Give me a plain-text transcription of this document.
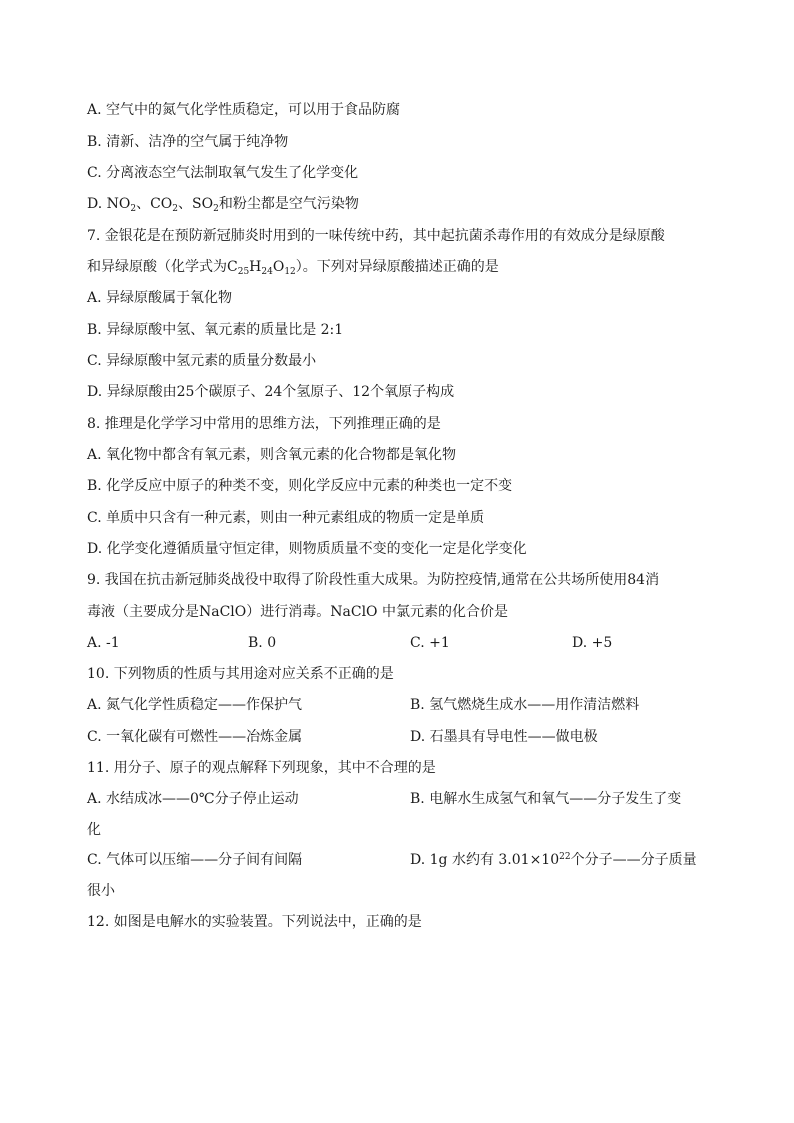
A. 空气中的氮气化学性质稳定，可以用于食品防腐
B. 清新、洁净的空气属于纯净物
C. 分离液态空气法制取氧气发生了化学变化
D. $NO_2$、$CO_2$、$SO_2$和粉尘都是空气污染物
7. 金银花是在预防新冠肺炎时用到的一味传统中药，其中起抗菌杀毒作用的有效成分是绿原酸
和异绿原酸（化学式为$C_{25}H_{24}O_{12}$）。下列对异绿原酸描述正确的是
A. 异绿原酸属于氧化物
B. 异绿原酸中氢、氧元素的质量比是 2:1
C. 异绿原酸中氢元素的质量分数最小
D. 异绿原酸由25个碳原子、24个氢原子、12个氧原子构成
8. 推理是化学学习中常用的思维方法，下列推理正确的是
A. 氧化物中都含有氧元素，则含氧元素的化合物都是氧化物
B. 化学反应中原子的种类不变，则化学反应中元素的种类也一定不变
C. 单质中只含有一种元素，则由一种元素组成的物质一定是单质
D. 化学变化遵循质量守恒定律，则物质质量不变的变化一定是化学变化
9. 我国在抗击新冠肺炎战役中取得了阶段性重大成果。为防控疫情,通常在公共场所使用84消
毒液（主要成分是NaClO）进行消毒。NaClO 中氯元素的化合价是
A. -1	B. 0	C. +1	D. +5
10. 下列物质的性质与其用途对应关系不正确的是
A. 氮气化学性质稳定——作保护气	B. 氢气燃烧生成水——用作清洁燃料
C. 一氧化碳有可燃性——冶炼金属	D. 石墨具有导电性——做电极
11. 用分子、原子的观点解释下列现象，其中不合理的是
A. 水结成冰——0℃分子停止运动	B. 电解水生成氢气和氧气——分子发生了变
化
C. 气体可以压缩——分子间有间隔	D. 1g 水约有 $3.01\times 10^{22}$个分子——分子质量
很小
12. 如图是电解水的实验装置。下列说法中，正确的是
